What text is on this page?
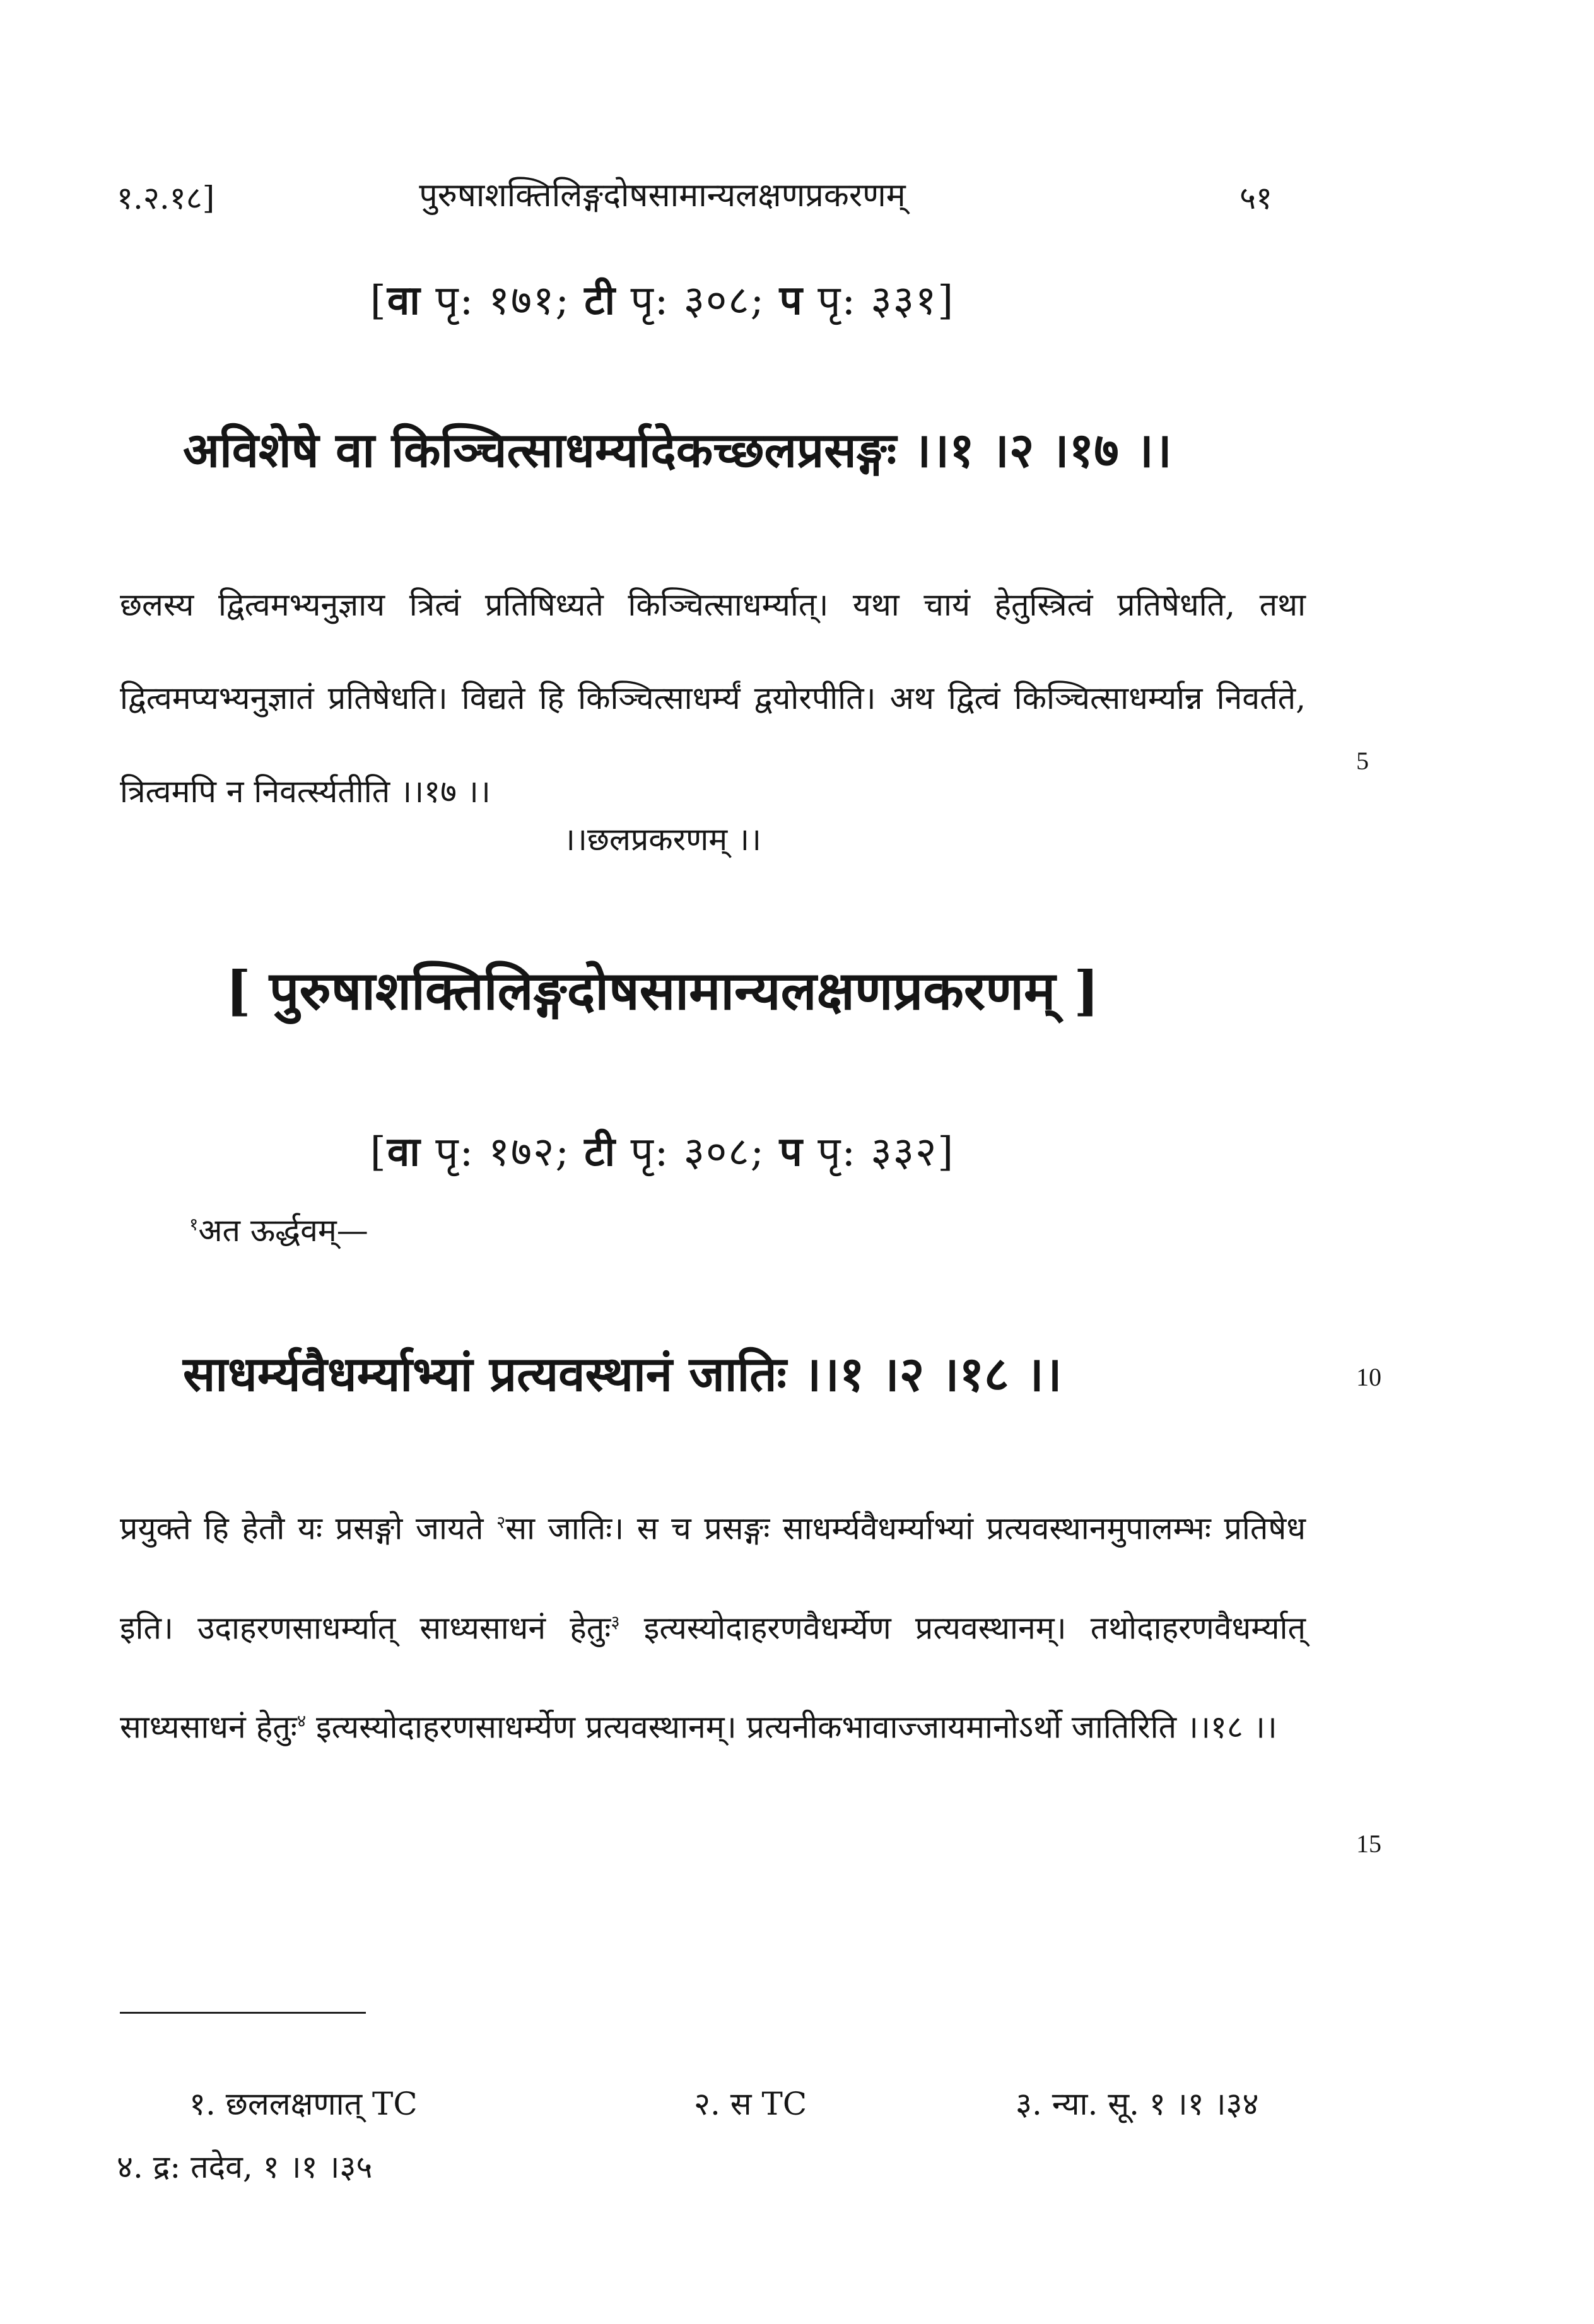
१.२.१८]	पुरुषाशक्तिलिङ्गदोषसामान्यलक्षणप्रकरणम्	५१
[वा पृ: १७१; टी पृ: ३०८; प पृ: ३३१]
अविशेषे वा किञ्चित्साधर्म्यादेकच्छलप्रसङ्गः ।।१ ।२ ।१७ ।।
छलस्य द्वित्वमभ्यनुज्ञाय त्रित्वं प्रतिषिध्यते किञ्चित्साधर्म्यात्। यथा चायं हेतुस्त्रित्वं प्रतिषेधति, तथा द्वित्वमप्यभ्यनुज्ञातं प्रतिषेधति। विद्यते हि किञ्चित्साधर्म्यं द्वयोरपीति। अथ द्वित्वं किञ्चित्साधर्म्यान्न निवर्तते, त्रित्वमपि न निवर्त्स्यतीति ।।१७ ।।
5
।।छलप्रकरणम् ।।
[ पुरुषाशक्तिलिङ्गदोषसामान्यलक्षणप्रकरणम् ]
[वा पृ: १७२; टी पृ: ३०८; प पृ: ३३२]
$^१$अत ऊर्द्धवम्—
साधर्म्यवैधर्म्याभ्यां प्रत्यवस्थानं जातिः ।।१ ।२ ।१८ ।।	10
प्रयुक्ते हि हेतौ यः प्रसङ्गो जायते $^२$सा जातिः। स च प्रसङ्गः साधर्म्यवैधर्म्याभ्यां प्रत्यवस्थानमुपालम्भः प्रतिषेध इति। उदाहरणसाधर्म्यात् साध्यसाधनं हेतुः$^३$ इत्यस्योदाहरणवैधर्म्येण प्रत्यवस्थानम्। तथोदाहरणवैधर्म्यात् साध्यसाधनं हेतुः$^४$ इत्यस्योदाहरणसाधर्म्येण प्रत्यवस्थानम्। प्रत्यनीकभावाज्जायमानोऽर्थो जातिरिति ।।१८ ।।
15
१. छललक्षणात् TC	२. स TC	३. न्या. सू. १ ।१ ।३४
४. द्र: तदेव, १ ।१ ।३५
